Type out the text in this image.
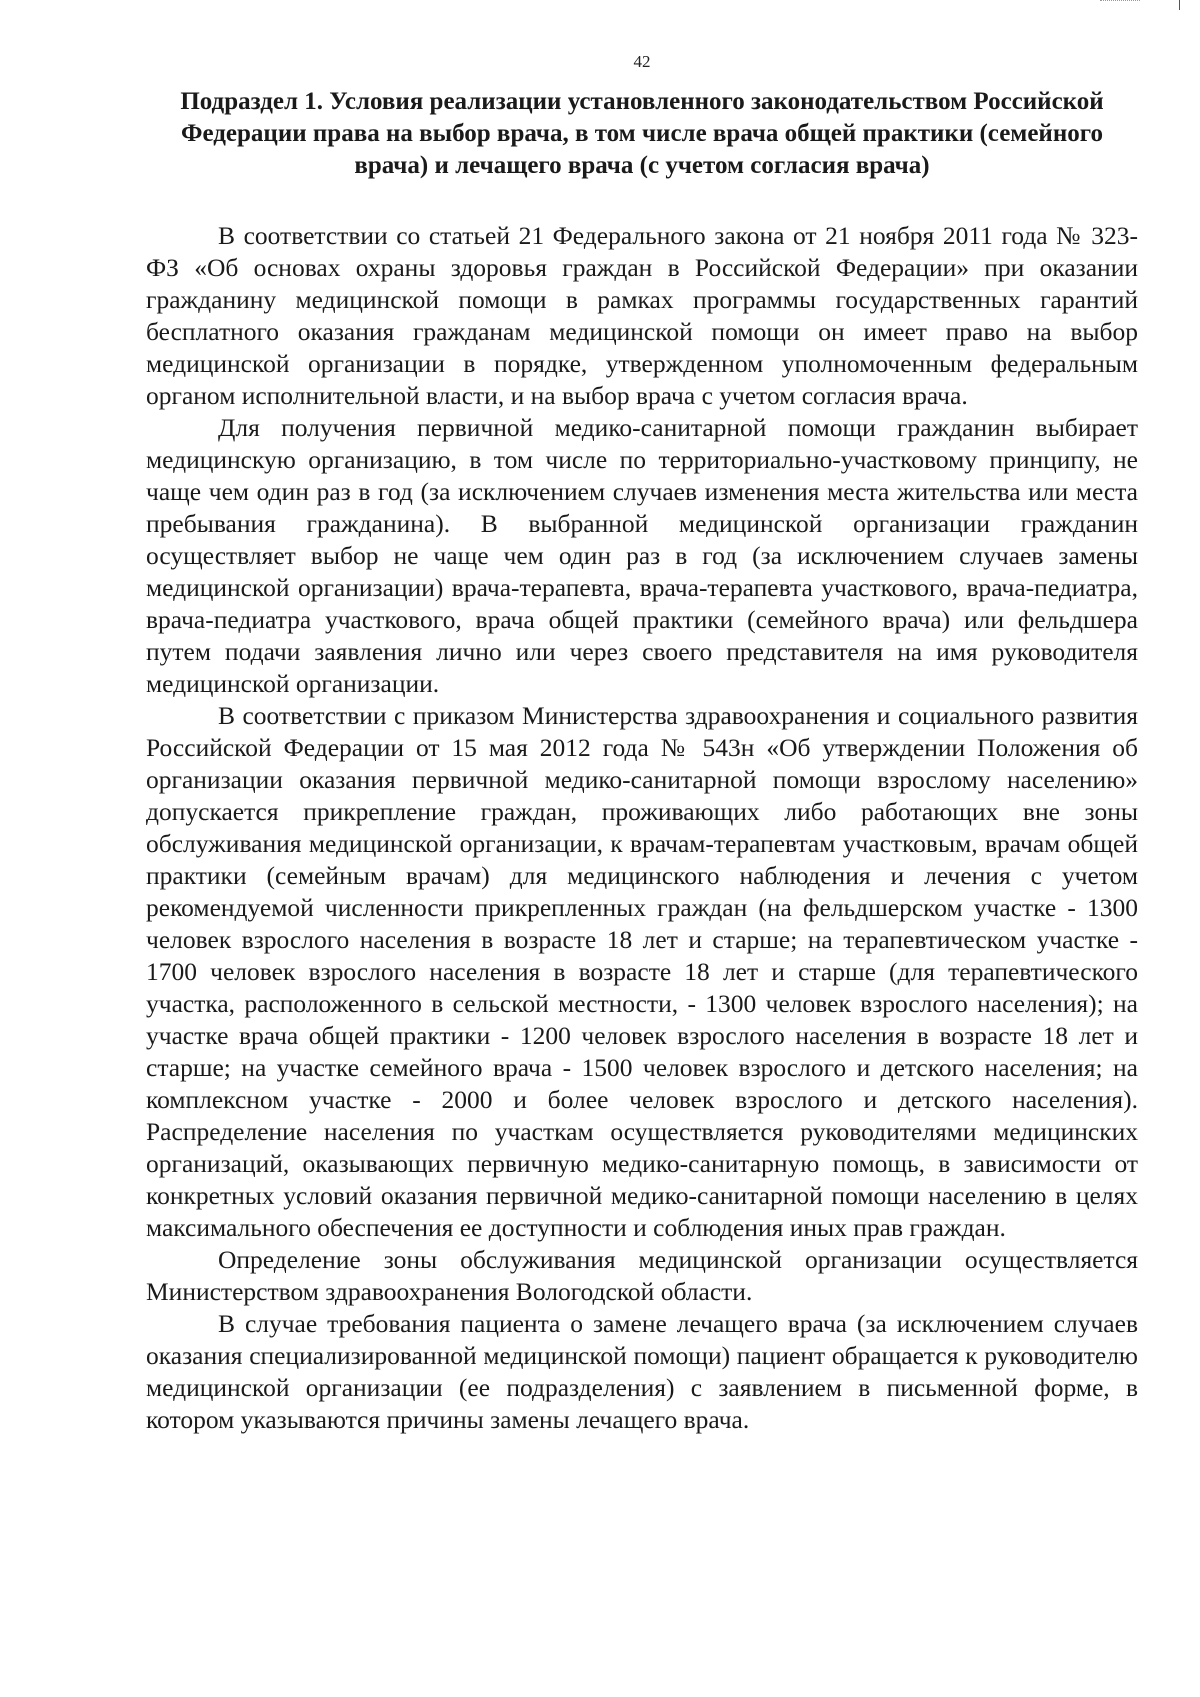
42
Подраздел 1. Условия реализации установленного законодательством Российской Федерации права на выбор врача, в том числе врача общей практики (семейного врача) и лечащего врача (с учетом согласия врача)

В соответствии со статьей 21 Федерального закона от 21 ноября 2011 года № 323-ФЗ «Об основах охраны здоровья граждан в Российской Федерации» при оказании гражданину медицинской помощи в рамках программы государственных гарантий бесплатного оказания гражданам медицинской помощи он имеет право на выбор медицинской организации в порядке, утвержденном уполномоченным федеральным органом исполнительной власти, и на выбор врача с учетом согласия врача.

Для получения первичной медико-санитарной помощи гражданин выбирает медицинскую организацию, в том числе по территориально-участковому принципу, не чаще чем один раз в год (за исключением случаев изменения места жительства или места пребывания гражданина). В выбранной медицинской организации гражданин осуществляет выбор не чаще чем один раз в год (за исключением случаев замены медицинской организации) врача-терапевта, врача-терапевта участкового, врача-педиатра, врача-педиатра участкового, врача общей практики (семейного врача) или фельдшера путем подачи заявления лично или через своего представителя на имя руководителя медицинской организации.

В соответствии с приказом Министерства здравоохранения и социального развития Российской Федерации от 15 мая 2012 года № 543н «Об утверждении Положения об организации оказания первичной медико-санитарной помощи взрослому населению» допускается прикрепление граждан, проживающих либо работающих вне зоны обслуживания медицинской организации, к врачам-терапевтам участковым, врачам общей практики (семейным врачам) для медицинского наблюдения и лечения с учетом рекомендуемой численности прикрепленных граждан (на фельдшерском участке - 1300 человек взрослого населения в возрасте 18 лет и старше; на терапевтическом участке - 1700 человек взрослого населения в возрасте 18 лет и старше (для терапевтического участка, расположенного в сельской местности, - 1300 человек взрослого населения); на участке врача общей практики - 1200 человек взрослого населения в возрасте 18 лет и старше; на участке семейного врача - 1500 человек взрослого и детского населения; на комплексном участке - 2000 и более человек взрослого и детского населения). Распределение населения по участкам осуществляется руководителями медицинских организаций, оказывающих первичную медико-санитарную помощь, в зависимости от конкретных условий оказания первичной медико-санитарной помощи населению в целях максимального обеспечения ее доступности и соблюдения иных прав граждан.

Определение зоны обслуживания медицинской организации осуществляется Министерством здравоохранения Вологодской области.

В случае требования пациента о замене лечащего врача (за исключением случаев оказания специализированной медицинской помощи) пациент обращается к руководителю медицинской организации (ее подразделения) с заявлением в письменной форме, в котором указываются причины замены лечащего врача.
